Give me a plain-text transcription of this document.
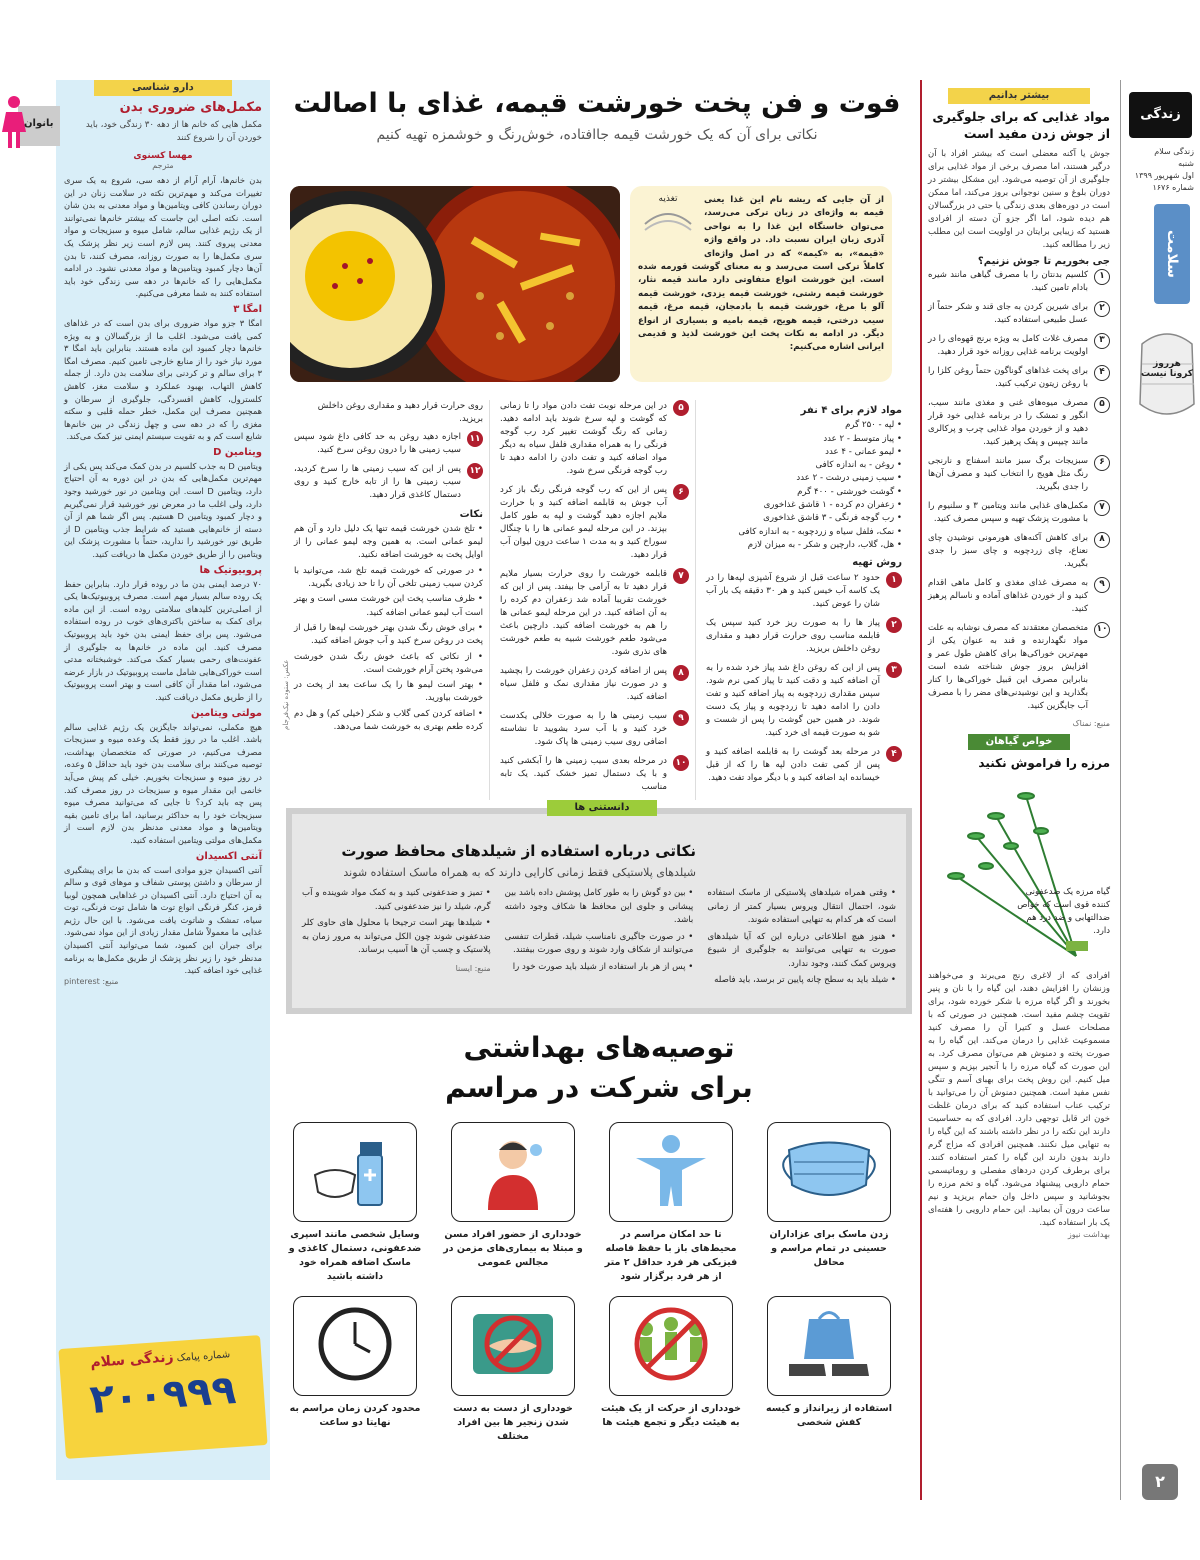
زندگی سلام
زندگی سلام
شنبه
اول شهریور ۱۳۹۹
شماره ۱۶۷۶
سلامت
هرروز کرونا نیست
۲
بیشتر بدانیم
مواد غذایی که برای جلوگیری از جوش زدن مفید است
جوش یا آکنه معضلی است که بیشتر افراد با آن درگیر هستند، اما مصرف برخی از مواد غذایی برای جلوگیری از آن توصیه می‌شود. این مشکل بیشتر در دوران بلوغ و سنین نوجوانی بروز می‌کند، اما ممکن است در دوره‌های بعدی زندگی یا حتی در بزرگسالان هم دیده شود، اما اگر جزو آن دسته از افرادی هستید که زیبایی برایتان در اولویت است این مطلب زیر را مطالعه کنید.
جی بخوریم تا جوش نزنیم؟
۱
کلسیم بدنتان را با مصرف گیاهی مانند شیره بادام تامین کنید.
۲
برای شیرین کردن به جای قند و شکر حتماً از عسل طبیعی استفاده کنید.
۳
مصرف غلات کامل به ویژه برنج قهوه‌ای را در اولویت برنامه غذایی روزانه خود قرار دهید.
۴
برای پخت غذاهای گوناگون حتماً روغن کلزا را با روغن زیتون ترکیب کنید.
۵
مصرف میوه‌های غنی و مغذی مانند سیب، انگور و تمشک را در برنامه غذایی خود قرار دهید و از خوردن مواد غذایی چرب و پرکالری مانند چیپس و پفک پرهیز کنید.
۶
سبزیجات برگ سبز مانند اسفناج و نارنجی رنگ مثل هویج را انتخاب کنید و مصرف آن‌ها را جدی بگیرید.
۷
مکمل‌های غذایی مانند ویتامین ۳ و سلنیوم را با مشورت پزشک تهیه و سپس مصرف کنید.
۸
برای کاهش آکنه‌های هورمونی نوشیدن چای نعناع، چای زردچوبه و چای سبز را جدی بگیرید.
۹
به مصرف غذای مغذی و کامل ماهی اقدام کنید و از خوردن غذاهای آماده و ناسالم پرهیز کنید.
۱۰
متخصصان معتقدند که مصرف نوشابه به علت مواد نگهدارنده و قند به عنوان یکی از مهم‌ترین خوراکی‌ها برای کاهش طول عمر و افزایش بروز جوش شناخته شده است بنابراین مصرف این قبیل خوراکی‌ها را کنار بگذارید و این نوشیدنی‌های مضر را با مصرف آب جایگزین کنید.
منبع: نمناک
خواص گیاهان
مرزه را فراموش نکنید
گیاه مرزه یک ضدعفونی کننده قوی است که خواص ضدالتهابی و ضد درد هم دارد.
افرادی که از لاغری رنج می‌برند و می‌خواهند وزنشان را افزایش دهند، این گیاه را با نان و پنیر بخورند و اگر گیاه مرزه با شکر خورده شود، برای تقویت چشم مفید است. همچنین در صورتی که با مصلحات عسل و کتیرا آن را مصرف کنید مسموعیت غذایی را درمان می‌کند. این گیاه را به صورت پخته و دمنوش هم می‌توان مصرف کرد. به این صورت که گیاه مرزه را با آنجیر بپزیم و سپس میل کنیم. این روش پخت برای بهبای آسم و تنگی نفس مفید است. همچنین دمنوش آن را می‌توانید با ترکیب عناب استفاده کنید که برای درمان غلظت خون اثر قابل توجهی دارد. افرادی که به حساسیت دارند این نکته را در نظر داشته باشند که این گیاه را به تنهایی میل نکنند. همچنین افرادی که مزاج گرم دارند بدون دارند این گیاه را کمتر استفاده کنند. برای برطرف کردن دردهای مفصلی و روماتیسمی حمام دارویی پیشنهاد می‌شود. گیاه و تخم مرزه را بجوشانید و سپس داخل وان حمام بریزید و نیم ساعت درون آن بمانید. این حمام دارویی را هفته‌ای یک بار استفاده کنید.
بهداشت نیوز
فوت و فن پخت خورشت قیمه، غذای با اصالت
نکاتی برای آن که یک خورشت قیمه جاافتاده، خوش‌رنگ و خوشمزه تهیه کنیم
تغذیه	از آن جایی که ریشه نام این غذا یعنی قیمه به واژه‌ای در زبان ترکی می‌رسد، می‌توان خاستگاه این غذا را به نواحی آذری زبان ایران نسبت داد. در واقع واژه «قیمه»، به «کیمه» که در اصل واژه‌ای کاملاً ترکی است می‌رسد و به معنای گوشت قورمه شده است. این خورشت انواع متفاوتی دارد مانند قیمه نثار، خورشت قیمه رشتی، خورشت قیمه یزدی، خورشت قیمه آلو با مرغ، خورشت قیمه با بادمجان، قیمه مرغ، قیمه سیب درختی، قیمه هویج، قیمه بامیه و بسیاری از انواع دیگر. در ادامه به نکات پخت این خورشت لذیذ و قدیمی ایرانی اشاره می‌کنیم:
مواد لازم برای ۴ نفر
• لپه - ۲۵۰ گرم
• پیاز متوسط - ۲ عدد
• لیمو عمانی - ۴ عدد
• روغن - به اندازه کافی
• سیب زمینی درشت - ۲ عدد
• گوشت خورشتی - ۴۰۰ گرم
• زعفران دم کرده - ۱ قاشق غذاخوری
• رب گوجه فرنگی - ۳ قاشق غذاخوری
• نمک، فلفل سیاه و زردچوبه - به اندازه کافی
• هل، گلاب، دارچین و شکر - به میزان لازم
روش تهیه
۱
حدود ۲ ساعت قبل از شروع آشپزی لپه‌ها را در یک کاسه آب خیس کنید و هر ۳۰ دقیقه یک بار آب شان را عوض کنید.
۲
پیاز ها را به صورت ریز خرد کنید سپس یک قابلمه مناسب روی حرارت قرار دهید و مقداری روغن داخلش بریزید.
۳
پس از این که روغن داغ شد پیاز خرد شده را به آن اضافه کنید و دقت کنید تا پیاز کمی نرم شود. سپس مقداری زردچوبه به پیاز اضافه کنید و تفت دادن را ادامه دهید تا زردچوبه و پیاز یک دست شوند. در همین حین گوشت را پس از شست و شو به صورت قیمه ای خرد کنید.
۴
در مرحله بعد گوشت را به قابلمه اضافه کنید و پس از کمی تفت دادن لپه ها را که از قبل خیسانده اید اضافه کنید و با دیگر مواد تفت دهید.
۵
در این مرحله نوبت تفت دادن مواد را تا زمانی که گوشت و لپه سرخ شوند باید ادامه دهید. زمانی که رنگ گوشت تغییر کرد رب گوجه فرنگی را به همراه مقداری فلفل سیاه به دیگر مواد اضافه کنید و تفت دادن را ادامه دهید تا رب گوجه فرنگی سرخ شود.
۶
پس از این که رب گوجه فرنگی رنگ باز کرد آب جوش به قابلمه اضافه کنید و با حرارت ملایم اجازه دهید گوشت و لپه به طور کامل بپزند. در این مرحله لیمو عمانی ها را با چنگال سوراخ کنید و به مدت ۱ ساعت درون لیوان آب قرار دهید.
۷
قابلمه خورشت را روی حرارت بسیار ملایم قرار دهید تا به آرامی جا بیفتد. پس از این که خورشت تقریبا آماده شد زعفران دم کرده را به آن اضافه کنید. در این مرحله لیمو عمانی ها را هم به خورشت اضافه کنید. دارچین باعث می‌شود طعم خورشت شبیه به طعم خورشت های نذری شود.
۸
پس از اضافه کردن زعفران خورشت را بچشید و در صورت نیاز مقداری نمک و فلفل سیاه اضافه کنید.
۹
سیب زمینی ها را به صورت خلالی یکدست خرد کنید و با آب سرد بشویید تا نشاسته اضافی روی سیب زمینی ها پاک شود.
۱۰
در مرحله بعدی سیب زمینی ها را آبکشی کنید و با یک دستمال تمیز خشک کنید. یک تابه مناسب
روی حرارت قرار دهید و مقداری روغن داخلش بریزید.
۱۱
اجازه دهید روغن به حد کافی داغ شود سپس سیب زمینی ها را درون روغن سرخ کنید.
۱۲
پس از این که سیب زمینی ها را سرخ کردید، سیب زمینی ها را از تابه خارج کنید و روی دستمال کاغذی قرار دهید.
نکات
• تلخ شدن خورشت قیمه تنها یک دلیل دارد و آن هم لیمو عمانی است. به همین وجه لیمو عمانی را از اوایل پخت به خورشت اضافه نکنید.
• در صورتی که خورشت قیمه تلخ شد، می‌توانید با کردن سیب زمینی تلخی آن را تا حد زیادی بگیرید.
• ظرف مناسب پخت این خورشت مسی است و بهتر است آب لیمو عمانی اضافه کنید.
• برای خوش رنگ شدن بهتر خورشت لپه‌ها را قبل از پخت در روغن سرخ کنید و آب جوش اضافه کنید.
• از نکاتی که باعث خوش رنگ شدن خورشت می‌شود پختن آرام خورشت است.
• بهتر است لیمو ها را یک ساعت بعد از پخت در خورشت بیاورید.
• اضافه کردن کمی گلاب و شکر (خیلی کم) و هل دم کرده طعم بهتری به خورشت شما می‌دهد.
عکس: ستوده نیک‌فرجام
دانستنی ها
نکاتی درباره استفاده از شیلدهای محافظ صورت
شیلدهای پلاستیکی فقط زمانی کارایی دارند که به همراه ماسک استفاده شوند
• وقتی همراه شیلدهای پلاستیکی از ماسک استفاده شود، احتمال انتقال ویروس بسیار کمتر از زمانی است که هر کدام به تنهایی استفاده شوند.
• هنوز هیچ اطلاعاتی درباره این که آیا شیلدهای صورت به تنهایی می‌توانند به جلوگیری از شیوع ویروس کمک کنند، وجود ندارد.
• شیلد باید به سطح چانه پایین تر برسد، باید فاصله
• بین دو گوش را به طور کامل پوشش داده باشد بین پیشانی و جلوی این محافظ ها شکاف وجود داشته باشد.
• در صورت جاگیری نامناسب شیلد، قطرات تنفسی می‌توانند از شکاف وارد شوند و روی صورت بیفتند.
• پس از هر بار استفاده از شیلد باید صورت خود را
• تمیز و ضدعفونی کنید و به کمک مواد شوینده و آب گرم، شیلد را نیز ضدعفونی کنید.
• شیلدها بهتر است ترجیحا با محلول های حاوی کلر ضدعفونی شوند چون الکل می‌تواند به مرور زمان به پلاستیک و چسب آن ها آسیب برساند.
منبع: ایسنا
توصیه‌های بهداشتی
برای شرکت در مراسم
زدن ماسک برای عزاداران حسینی در تمام مراسم و محافل
تا حد امکان مراسم در محیط‌های باز با حفظ فاصله فیزیکی هر فرد حداقل ۲ متر از هر فرد برگزار شود
خودداری از حضور افراد مسن و مبتلا به بیماری‌های مزمن در مجالس عمومی
وسایل شخصی مانند اسپری ضدعفونی، دستمال کاغذی و ماسک اضافه همراه خود داشته باشید
استفاده از زیرانداز و کیسه کفش شخصی
خودداری از حرکت از یک هیئت به هیئت دیگر و تجمع هیئت ها
خودداری از دست به دست شدن زنجیر ها بین افراد مختلف
محدود کردن زمان مراسم به نهایتا دو ساعت
دارو شناسی
مکمل‌های ضروری بدن
مکمل هایی که خانم ها از دهه ۳۰ زندگی خود، باید خوردن آن را شروع کنند
مهسا کسنوی
مترجم
بدن خانم‌ها، آرام آرام از دهه سی، شروع به یک سری تغییرات می‌کند و مهم‌ترین نکته در سلامت زنان در این دوران رساندن کافی ویتامین‌ها و مواد معدنی به بدن شان است. نکته اصلی این جاست که بیشتر خانم‌ها نمی‌توانند از یک رژیم غذایی سالم، شامل میوه و سبزیجات و مواد معدنی پیروی کنند. پس لازم است زیر نظر پزشک یک سری مکمل‌ها را به صورت روزانه، مصرف کنند، تا بدن آن‌ها دچار کمبود ویتامین‌ها و مواد معدنی نشود. در ادامه مکمل‌هایی را که خانم‌ها در دهه سی زندگی خود باید استفاده کنند به شما معرفی می‌کنیم.
امگا ۳
امگا ۳ جزو مواد ضروری برای بدن است که در غذاهای کمی یافت می‌شود. اغلب ما از بزرگسالان و به ویژه خانم‌ها دچار کمبود این ماده هستند. بنابراین باید امگا ۳ مورد نیاز خود را از منابع خارجی تامین کنیم. مصرف امگا ۳ برای سالم و تر کردنی برای سلامت بدن دارد. از جمله کاهش التهاب، بهبود عملکرد و سلامت مغز، کاهش کلسترول، کاهش افسردگی، جلوگیری از سرطان و همچنین مصرف این مکمل، خطر حمله قلبی و سکته مغزی را که در دهه سی و چهل زندگی در بین خانم‌ها شایع است کم و به تقویت سیستم ایمنی نیز کمک می‌کند.
ویتامین D
ویتامین D به جذب کلسیم در بدن کمک می‌کند پس یکی از مهم‌ترین مکمل‌هایی که بدن در این دوره به آن احتیاج دارد، ویتامین D است. این ویتامین در نور خورشید وجود دارد، ولی اغلب ما در معرض نور خورشید قرار نمی‌گیریم و دچار کمبود ویتامین D هستیم. پس اگر شما هم از آن دسته از خانم‌هایی هستید که شرایط جذب ویتامین D از طریق نور خورشید را ندارید، حتماً با مشورت پزشک این ویتامین را از طریق خوردن مکمل ها دریافت کنید.
پروبیوتیک ها
۷۰ درصد ایمنی بدن ما در روده قرار دارد. بنابراین حفظ یک روده سالم بسیار مهم است. مصرف پروبیوتیک‌ها یکی از اصلی‌ترین کلیدهای سلامتی روده است. از این ماده برای کمک به ساختن باکتری‌های خوب در روده استفاده می‌شود. پس برای حفظ ایمنی بدن خود باید پروبیوتیک مصرف کنید. این ماده در خانم‌ها به جلوگیری از عفونت‌های رحمی بسیار کمک می‌کند. خوشبختانه مدتی است خوراکی‌هایی شامل ماست پروبیوتیک در بازار عرضه می‌شود، اما مقدار آن کافی است و بهتر است پروبیوتیک را از طریق مکمل دریافت کنید.
مولتی ویتامین
هیچ مکملی، نمی‌تواند جایگزین یک رژیم غذایی سالم باشد. اغلب ما در روز فقط یک وعده میوه و سبزیجات مصرف می‌کنیم، در صورتی که متخصصان بهداشت، توصیه می‌کنند برای سلامت بدن خود باید حداقل ۵ وعده، در روز میوه و سبزیجات بخوریم. خیلی کم پیش می‌آید خانمی این مقدار میوه و سبزیجات در روز مصرف کند. پس چه باید کرد؟ تا جایی که می‌توانید مصرف میوه سبزیجات خود را به حداکثر برسانید، اما برای تامین بقیه ویتامین‌ها و مواد معدنی مدنظر بدن لازم است از مکمل‌های مولتی ویتامین استفاده کنید.
آنتی اکسیدان
آنتی اکسیدان جزو موادی است که بدن ما برای پیشگیری از سرطان و داشتن پوستی شفاف و موهای قوی و سالم به آن احتیاج دارد. آنتی اکسیدان در غذاهایی همچون لوبیا قرمز، کنگر فرنگی انواع توت ها شامل توت فرنگی، توت سیاه، تمشک و شاتوت یافت می‌شود. با این حال رژیم غذایی ما معمولاً شامل مقدار زیادی از این مواد نمی‌شود. برای جبران این کمبود، شما می‌توانید آنتی اکسیدان مدنظر خود را زیر نظر پزشک از طریق مکمل‌ها به برنامه غذایی خود اضافه کنید.
منبع: pinterest
شماره پیامک زندگی سلام
۲۰۰۹۹۹
بانوان
